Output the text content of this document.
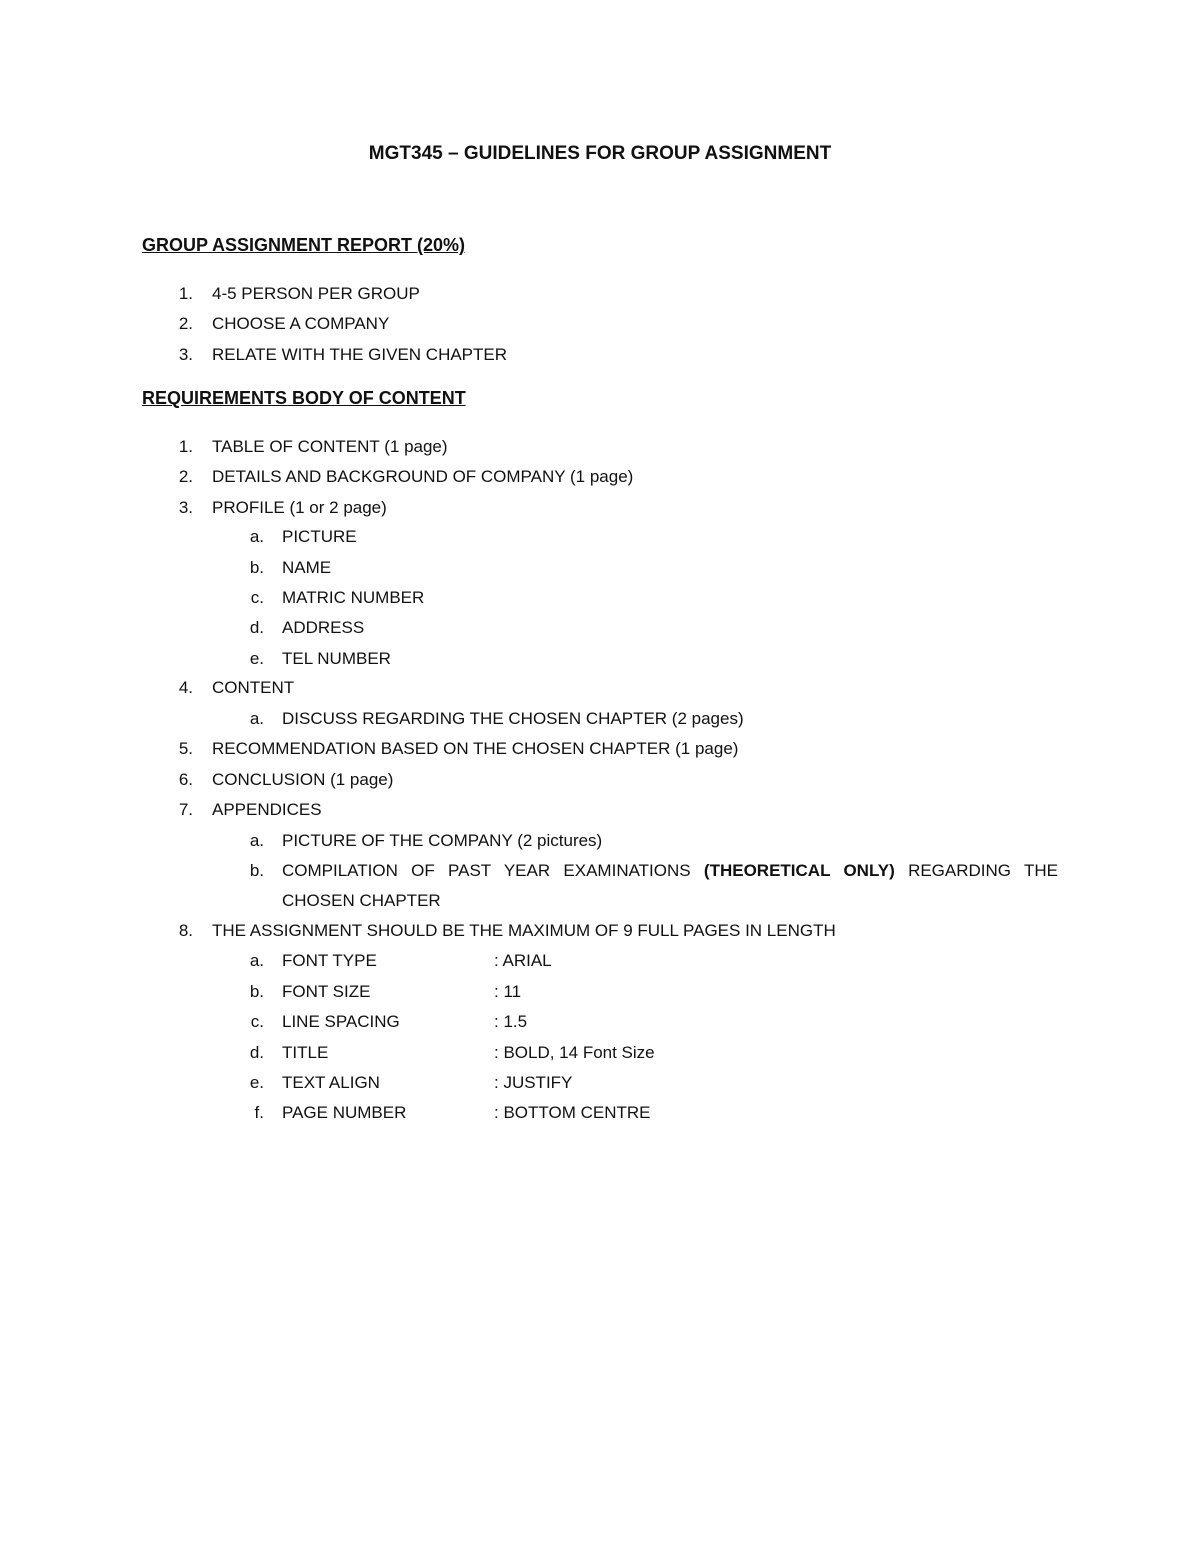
MGT345 – GUIDELINES FOR GROUP ASSIGNMENT
GROUP ASSIGNMENT REPORT (20%)
1. 4-5 PERSON PER GROUP
2. CHOOSE A COMPANY
3. RELATE WITH THE GIVEN CHAPTER
REQUIREMENTS BODY OF CONTENT
1. TABLE OF CONTENT (1 page)
2. DETAILS AND BACKGROUND OF COMPANY (1 page)
3. PROFILE (1 or 2 page)
a. PICTURE
b. NAME
c. MATRIC NUMBER
d. ADDRESS
e. TEL NUMBER
4. CONTENT
a. DISCUSS REGARDING THE CHOSEN CHAPTER (2 pages)
5. RECOMMENDATION BASED ON THE CHOSEN CHAPTER (1 page)
6. CONCLUSION (1 page)
7. APPENDICES
a. PICTURE OF THE COMPANY (2 pictures)
b. COMPILATION OF PAST YEAR EXAMINATIONS (THEORETICAL ONLY) REGARDING THE CHOSEN CHAPTER
8. THE ASSIGNMENT SHOULD BE THE MAXIMUM OF 9 FULL PAGES IN LENGTH
a. FONT TYPE	: ARIAL
b. FONT SIZE	: 11
c. LINE SPACING	: 1.5
d. TITLE	: BOLD, 14 Font Size
e. TEXT ALIGN	: JUSTIFY
f. PAGE NUMBER	: BOTTOM CENTRE
